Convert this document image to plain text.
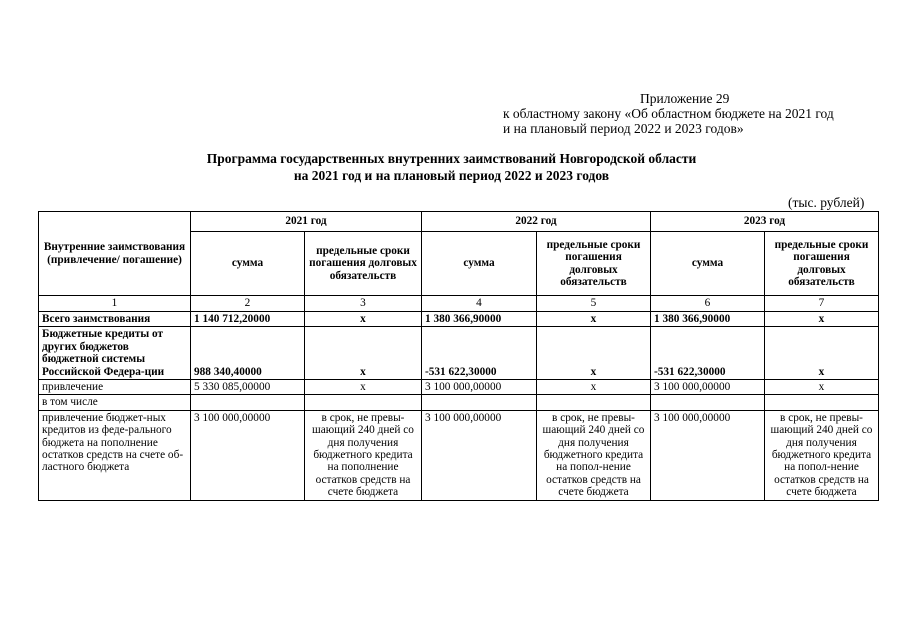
Приложение 29
к областному закону «Об областном бюджете на 2021 год
и на плановый период 2022 и 2023 годов»
Программа государственных внутренних заимствований Новгородской области
на 2021 год и на плановый период 2022 и 2023 годов
(тыс. рублей)
Внутренние заимствования (привлечение/ погашение)	2021 год		2022 год		2023 год	
	сумма	предельные сроки погашения долговых обязательств	сумма	предельные сроки погашения долговых обязательств	сумма	предельные сроки погашения долговых обязательств
1	2	3	4	5	6	7
Всего заимствования	1 140 712,20000	х	1 380 366,90000	х	1 380 366,90000	х
Бюджетные кредиты от других бюджетов бюджетной системы Российской Федера-ции	988 340,40000	х	-531 622,30000	х	-531 622,30000	х
привлечение	5 330 085,00000	х	3 100 000,00000	х	3 100 000,00000	х
в том числе						
привлечение бюджет-ных кредитов из феде-рального бюджета на пополнение остатков средств на счете об-ластного бюджета	3 100 000,00000	в срок, не превы-шающий 240 дней со дня получения бюджетного кредита на пополнение остатков средств на счете бюджета	3 100 000,00000	в срок, не превы-шающий 240 дней со дня получения бюджетного кредита на попол-нение остатков средств на счете бюджета	3 100 000,00000	в срок, не превы-шающий 240 дней со дня получения бюджетного кредита на попол-нение остатков средств на счете бюджета
